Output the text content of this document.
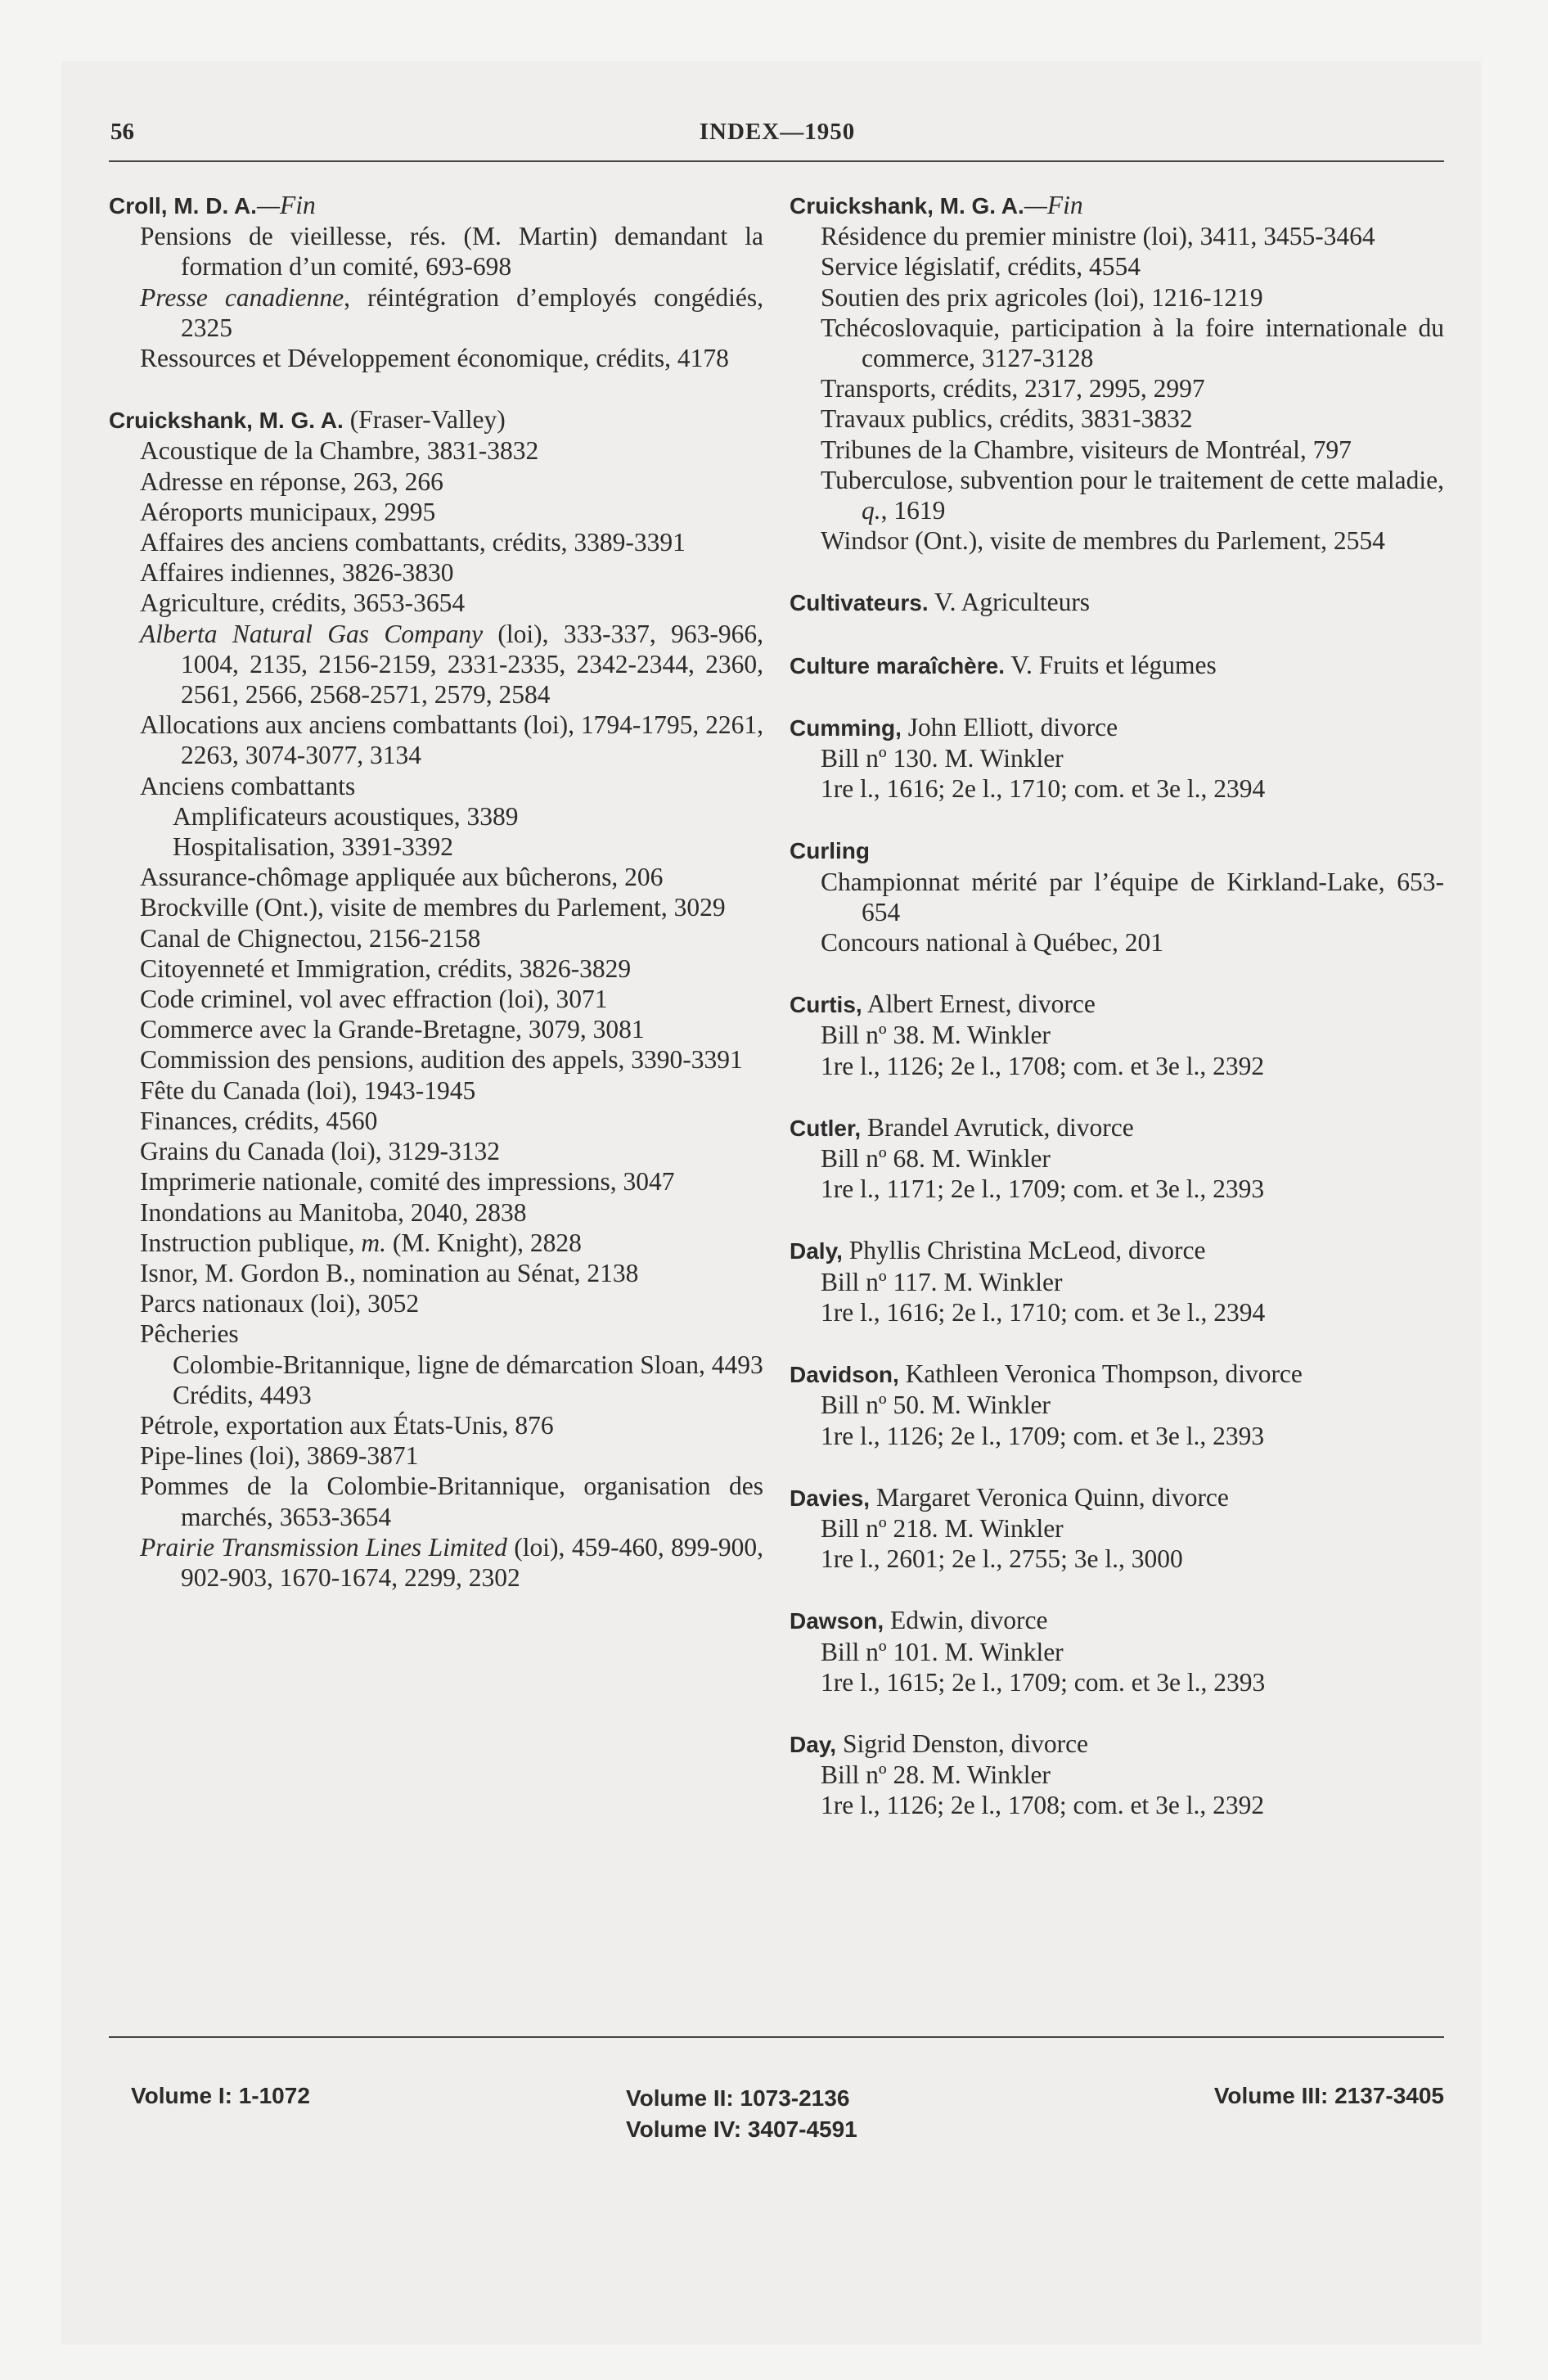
56	INDEX—1950
Croll, M. D. A.—Fin
Pensions de vieillesse, rés. (M. Martin) demandant la formation d’un comité, 693-698
Presse canadienne, réintégration d’employés congédiés, 2325
Ressources et Développement économique, crédits, 4178
Cruickshank, M. G. A. (Fraser-Valley)
Acoustique de la Chambre, 3831-3832
Adresse en réponse, 263, 266
Aéroports municipaux, 2995
Affaires des anciens combattants, crédits, 3389-3391
Affaires indiennes, 3826-3830
Agriculture, crédits, 3653-3654
Alberta Natural Gas Company (loi), 333-337, 963-966, 1004, 2135, 2156-2159, 2331-2335, 2342-2344, 2360, 2561, 2566, 2568-2571, 2579, 2584
Allocations aux anciens combattants (loi), 1794-1795, 2261, 2263, 3074-3077, 3134
Anciens combattants
Amplificateurs acoustiques, 3389
Hospitalisation, 3391-3392
Assurance-chômage appliquée aux bûcherons, 206
Brockville (Ont.), visite de membres du Parlement, 3029
Canal de Chignectou, 2156-2158
Citoyenneté et Immigration, crédits, 3826-3829
Code criminel, vol avec effraction (loi), 3071
Commerce avec la Grande-Bretagne, 3079, 3081
Commission des pensions, audition des appels, 3390-3391
Fête du Canada (loi), 1943-1945
Finances, crédits, 4560
Grains du Canada (loi), 3129-3132
Imprimerie nationale, comité des impressions, 3047
Inondations au Manitoba, 2040, 2838
Instruction publique, m. (M. Knight), 2828
Isnor, M. Gordon B., nomination au Sénat, 2138
Parcs nationaux (loi), 3052
Pêcheries
Colombie-Britannique, ligne de démarcation Sloan, 4493
Crédits, 4493
Pétrole, exportation aux États-Unis, 876
Pipe-lines (loi), 3869-3871
Pommes de la Colombie-Britannique, organisation des marchés, 3653-3654
Prairie Transmission Lines Limited (loi), 459-460, 899-900, 902-903, 1670-1674, 2299, 2302
Cruickshank, M. G. A.—Fin
Résidence du premier ministre (loi), 3411, 3455-3464
Service législatif, crédits, 4554
Soutien des prix agricoles (loi), 1216-1219
Tchécoslovaquie, participation à la foire internationale du commerce, 3127-3128
Transports, crédits, 2317, 2995, 2997
Travaux publics, crédits, 3831-3832
Tribunes de la Chambre, visiteurs de Montréal, 797
Tuberculose, subvention pour le traitement de cette maladie, q., 1619
Windsor (Ont.), visite de membres du Parlement, 2554
Cultivateurs. V. Agriculteurs
Culture maraîchère. V. Fruits et légumes
Cumming, John Elliott, divorce
Bill nº 130. M. Winkler
1re l., 1616; 2e l., 1710; com. et 3e l., 2394
Curling
Championnat mérité par l’équipe de Kirkland-Lake, 653-654
Concours national à Québec, 201
Curtis, Albert Ernest, divorce
Bill nº 38. M. Winkler
1re l., 1126; 2e l., 1708; com. et 3e l., 2392
Cutler, Brandel Avrutick, divorce
Bill nº 68. M. Winkler
1re l., 1171; 2e l., 1709; com. et 3e l., 2393
Daly, Phyllis Christina McLeod, divorce
Bill nº 117. M. Winkler
1re l., 1616; 2e l., 1710; com. et 3e l., 2394
Davidson, Kathleen Veronica Thompson, divorce
Bill nº 50. M. Winkler
1re l., 1126; 2e l., 1709; com. et 3e l., 2393
Davies, Margaret Veronica Quinn, divorce
Bill nº 218. M. Winkler
1re l., 2601; 2e l., 2755; 3e l., 3000
Dawson, Edwin, divorce
Bill nº 101. M. Winkler
1re l., 1615; 2e l., 1709; com. et 3e l., 2393
Day, Sigrid Denston, divorce
Bill nº 28. M. Winkler
1re l., 1126; 2e l., 1708; com. et 3e l., 2392
Volume I: 1-1072	Volume II: 1073-2136
Volume IV: 3407-4591
Volume III: 2137-3405
